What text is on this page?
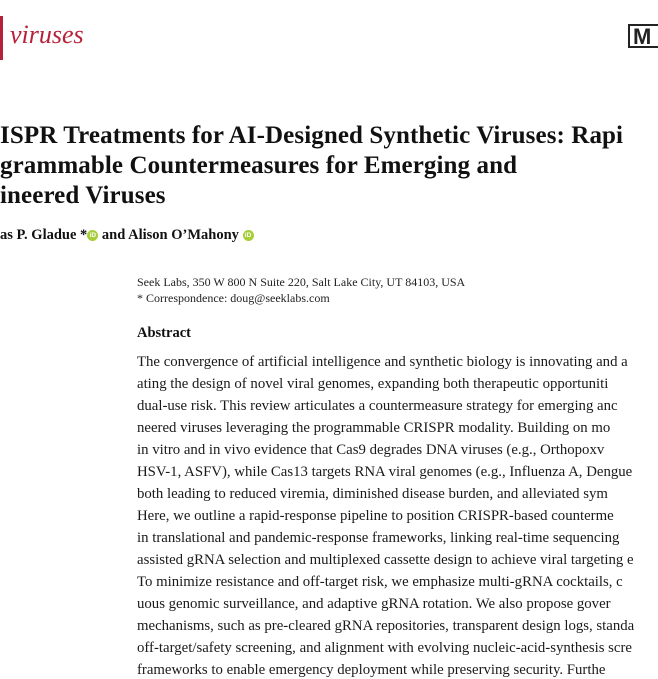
viruses	M
ISPR Treatments for AI-Designed Synthetic Viruses: Rapi
grammable Countermeasures for Emerging and
ineered Viruses
as P. Gladue * iD and Alison O’Mahony iD
Seek Labs, 350 W 800 N Suite 220, Salt Lake City, UT 84103, USA
* Correspondence: doug@seeklabs.com
Abstract
The convergence of artificial intelligence and synthetic biology is innovating and a
ating the design of novel viral genomes, expanding both therapeutic opportuniti
dual-use risk. This review articulates a countermeasure strategy for emerging anc
neered viruses leveraging the programmable CRISPR modality. Building on mo
in vitro and in vivo evidence that Cas9 degrades DNA viruses (e.g., Orthopoxv
HSV-1, ASFV), while Cas13 targets RNA viral genomes (e.g., Influenza A, Dengue
both leading to reduced viremia, diminished disease burden, and alleviated sym
Here, we outline a rapid-response pipeline to position CRISPR-based counterme
in translational and pandemic-response frameworks, linking real-time sequencing
assisted gRNA selection and multiplexed cassette design to achieve viral targeting e
To minimize resistance and off-target risk, we emphasize multi-gRNA cocktails, c
uous genomic surveillance, and adaptive gRNA rotation. We also propose gover
mechanisms, such as pre-cleared gRNA repositories, transparent design logs, standa
off-target/safety screening, and alignment with evolving nucleic-acid-synthesis scre
frameworks to enable emergency deployment while preserving security. Furthe
